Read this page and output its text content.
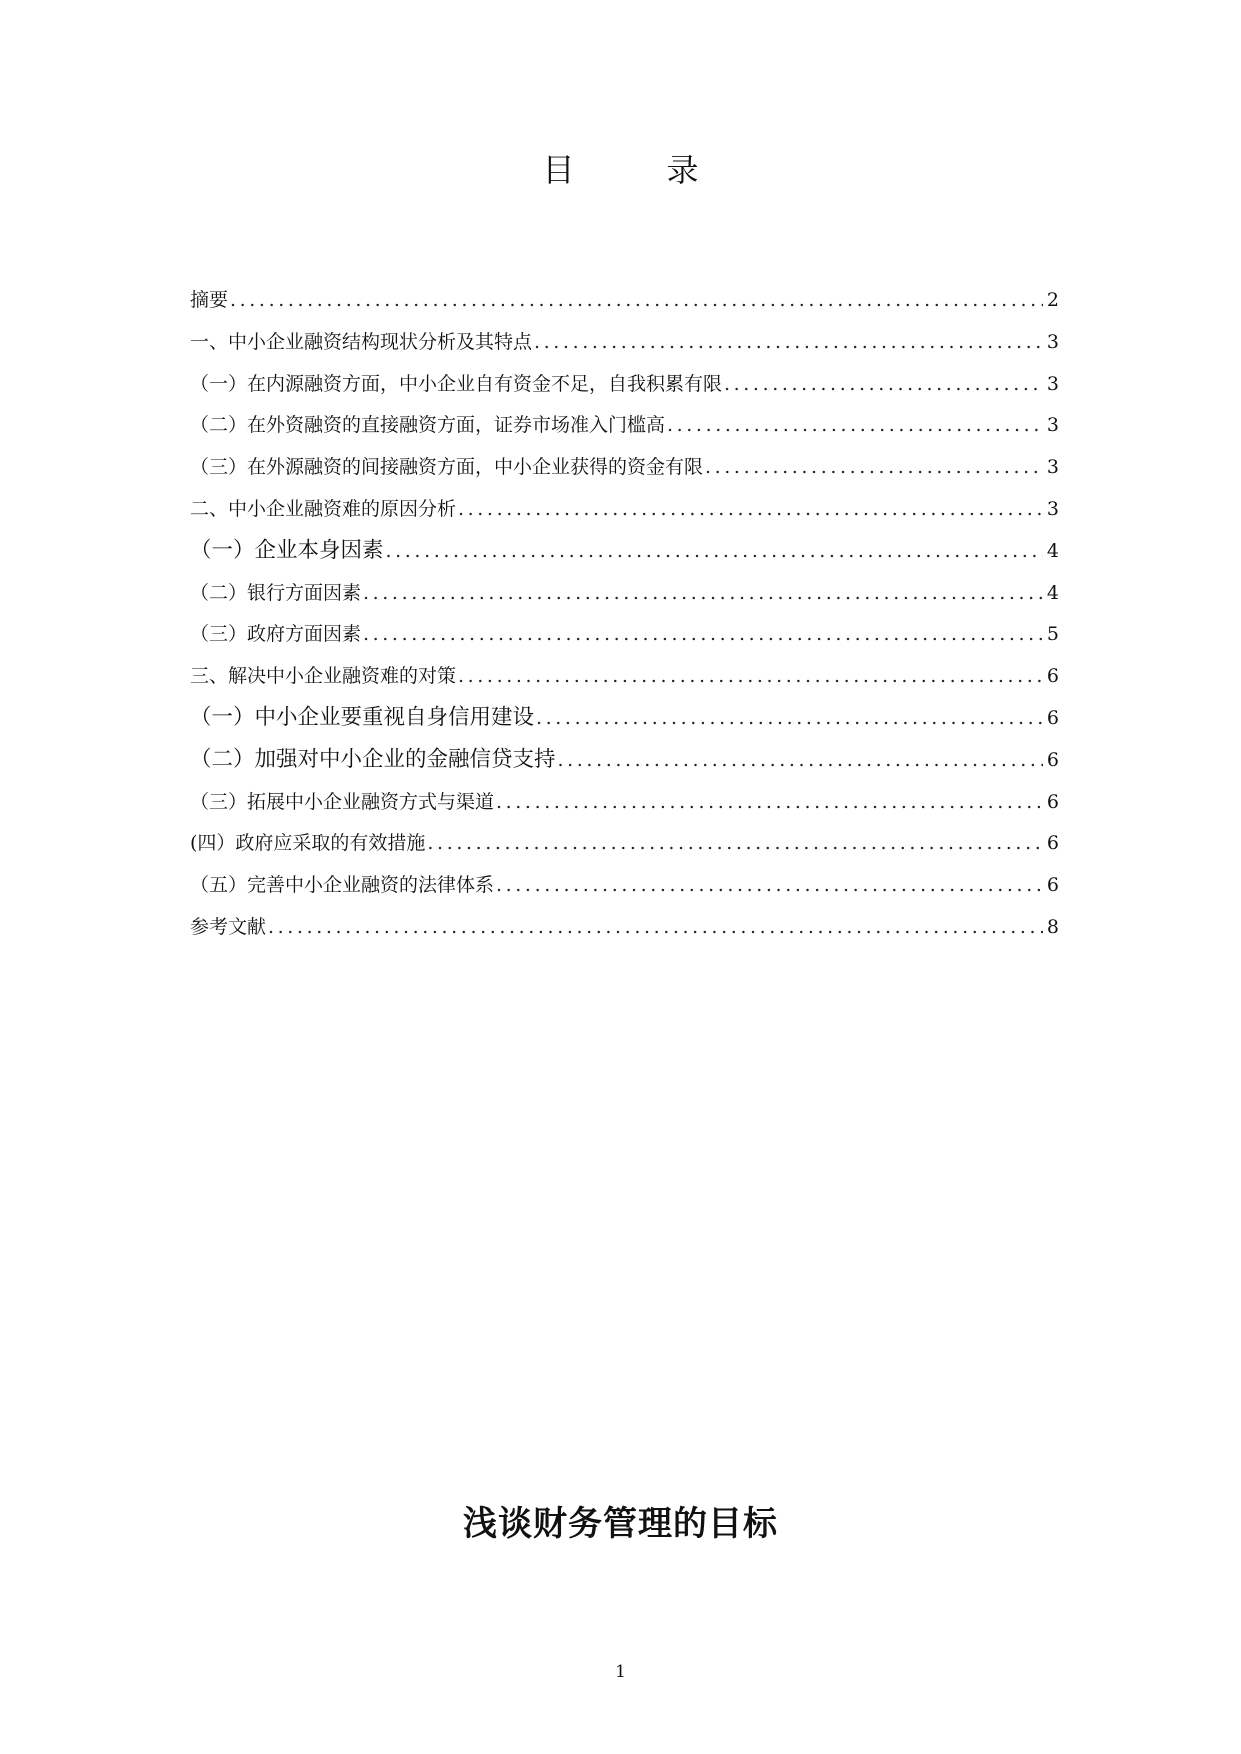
目　录
摘要 .....	2
一、中小企业融资结构现状分析及其特点 .....	3
（一）在内源融资方面，中小企业自有资金不足，自我积累有限 .....	3
（二）在外资融资的直接融资方面，证券市场准入门槛高 .....	3
（三）在外源融资的间接融资方面，中小企业获得的资金有限 .....	3
二、中小企业融资难的原因分析 .....	3
（一）企业本身因素 .....	4
（二）银行方面因素 .....	4
（三）政府方面因素 .....	5
三、解决中小企业融资难的对策 .....	6
（一）中小企业要重视自身信用建设 .....	6
（二）加强对中小企业的金融信贷支持 .....	6
（三）拓展中小企业融资方式与渠道 .....	6
(四）政府应采取的有效措施 .....	6
（五）完善中小企业融资的法律体系 .....	6
参考文献 .....	8
浅谈财务管理的目标
1
